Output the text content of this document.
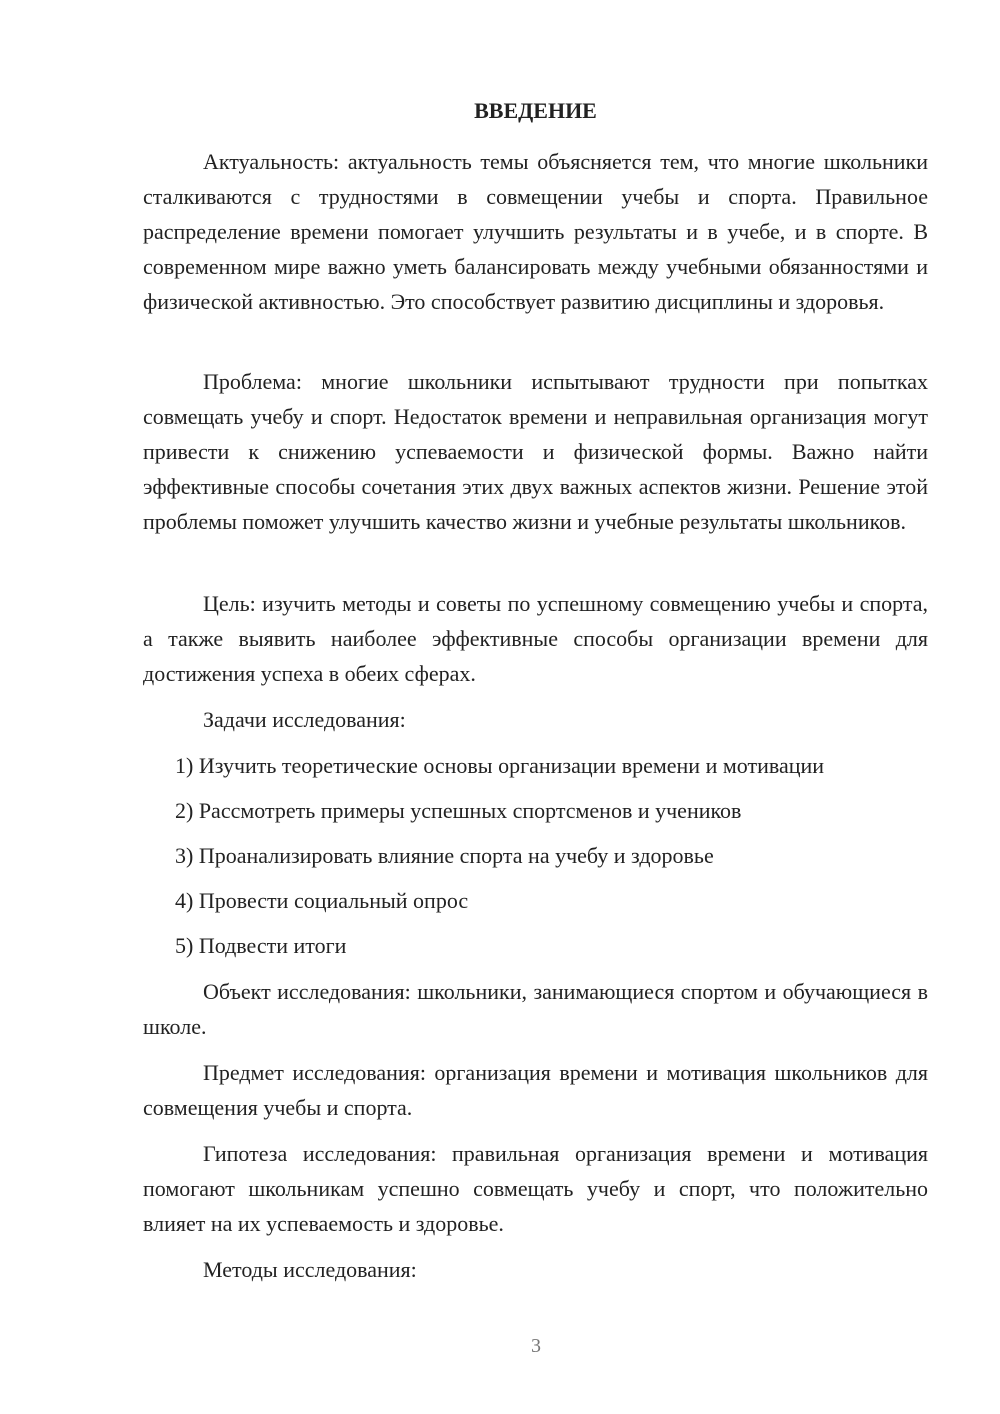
ВВЕДЕНИЕ

Актуальность: актуальность темы объясняется тем, что многие школьники сталкиваются с трудностями в совмещении учебы и спорта. Правильное распределение времени помогает улучшить результаты и в учебе, и в спорте. В современном мире важно уметь балансировать между учебными обязанностями и физической активностью. Это способствует развитию дисциплины и здоровья.

Проблема: многие школьники испытывают трудности при попытках совмещать учебу и спорт. Недостаток времени и неправильная организация могут привести к снижению успеваемости и физической формы. Важно найти эффективные способы сочетания этих двух важных аспектов жизни. Решение этой проблемы поможет улучшить качество жизни и учебные результаты школьников.

Цель: изучить методы и советы по успешному совмещению учебы и спорта, а также выявить наиболее эффективные способы организации времени для достижения успеха в обеих сферах.

Задачи исследования:
1) Изучить теоретические основы организации времени и мотивации
2) Рассмотреть примеры успешных спортсменов и учеников
3) Проанализировать влияние спорта на учебу и здоровье
4) Провести социальный опрос
5) Подвести итоги

Объект исследования: школьники, занимающиеся спортом и обучающиеся в школе.

Предмет исследования: организация времени и мотивация школьников для совмещения учебы и спорта.

Гипотеза исследования: правильная организация времени и мотивация помогают школьникам успешно совмещать учебу и спорт, что положительно влияет на их успеваемость и здоровье.

Методы исследования:
3
